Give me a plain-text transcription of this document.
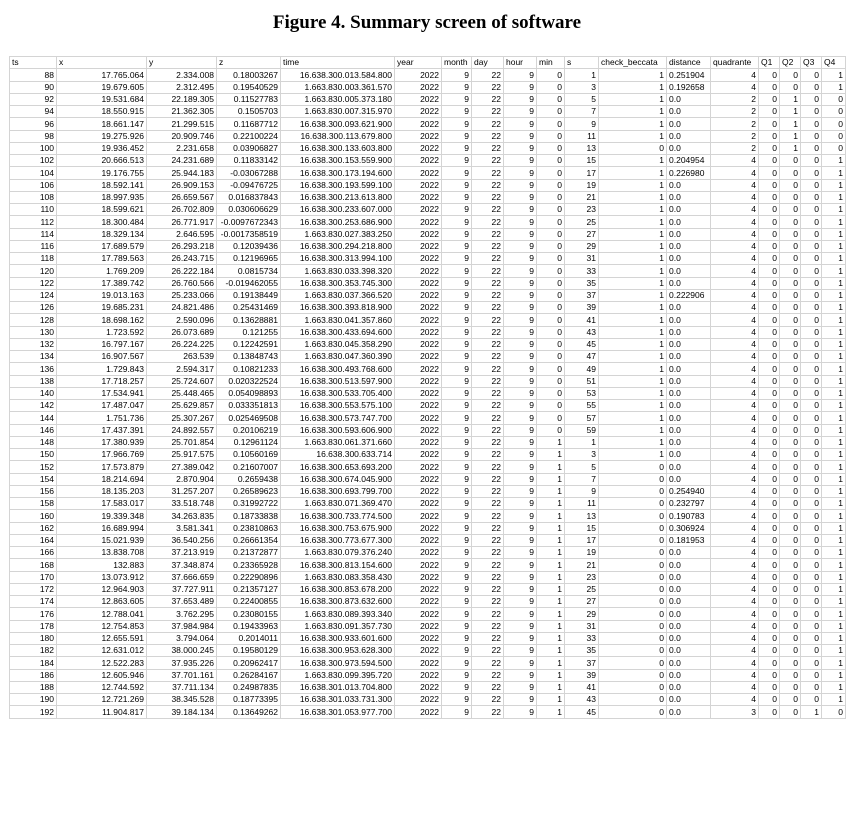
Figure 4. Summary screen of software
ts	x	y	z	time	year	month	day	hour	min	s	check_beccata	distance	quadrante	Q1	Q2	Q3	Q4
88	17.765.064	2.334.008	0.18003267	16.638.300.013.584.800	2022	9	22	9	0	1	1	0.251904	4	0	0	0	1
90	19.679.605	2.312.495	0.19540529	1.663.830.003.361.570	2022	9	22	9	0	3	1	0.192658	4	0	0	0	1
92	19.531.684	22.189.305	0.11527783	1.663.830.005.373.180	2022	9	22	9	0	5	1	0.0	2	0	1	0	0
94	18.550.915	21.362.305	0.1505703	1.663.830.007.315.970	2022	9	22	9	0	7	1	0.0	2	0	1	0	0
96	18.661.147	21.299.515	0.11687712	16.638.300.093.621.900	2022	9	22	9	0	9	1	0.0	2	0	1	0	0
98	19.275.926	20.909.746	0.22100224	16.638.300.113.679.800	2022	9	22	9	0	11	1	0.0	2	0	1	0	0
100	19.936.452	2.231.658	0.03906827	16.638.300.133.603.800	2022	9	22	9	0	13	0	0.0	2	0	1	0	0
102	20.666.513	24.231.689	0.11833142	16.638.300.153.559.900	2022	9	22	9	0	15	1	0.204954	4	0	0	0	1
104	19.176.755	25.944.183	-0.03067288	16.638.300.173.194.600	2022	9	22	9	0	17	1	0.226980	4	0	0	0	1
106	18.592.141	26.909.153	-0.09476725	16.638.300.193.599.100	2022	9	22	9	0	19	1	0.0	4	0	0	0	1
108	18.997.935	26.659.567	0.016837843	16.638.300.213.613.800	2022	9	22	9	0	21	1	0.0	4	0	0	0	1
110	18.599.621	26.702.809	0.030606629	16.638.300.233.607.000	2022	9	22	9	0	23	1	0.0	4	0	0	0	1
112	18.300.484	26.771.917	-0.0097672343	16.638.300.253.686.900	2022	9	22	9	0	25	1	0.0	4	0	0	0	1
114	18.329.134	2.646.595	-0.0017358519	1.663.830.027.383.250	2022	9	22	9	0	27	1	0.0	4	0	0	0	1
116	17.689.579	26.293.218	0.12039436	16.638.300.294.218.800	2022	9	22	9	0	29	1	0.0	4	0	0	0	1
118	17.789.563	26.243.715	0.12196965	16.638.300.313.994.100	2022	9	22	9	0	31	1	0.0	4	0	0	0	1
120	1.769.209	26.222.184	0.0815734	1.663.830.033.398.320	2022	9	22	9	0	33	1	0.0	4	0	0	0	1
122	17.389.742	26.760.566	-0.019462055	16.638.300.353.745.300	2022	9	22	9	0	35	1	0.0	4	0	0	0	1
124	19.013.163	25.233.066	0.19138449	1.663.830.037.366.520	2022	9	22	9	0	37	1	0.222906	4	0	0	0	1
126	19.685.231	24.821.486	0.25431469	16.638.300.393.818.900	2022	9	22	9	0	39	1	0.0	4	0	0	0	1
128	18.698.162	2.590.096	0.13628881	1.663.830.041.357.860	2022	9	22	9	0	41	1	0.0	4	0	0	0	1
130	1.723.592	26.073.689	0.121255	16.638.300.433.694.600	2022	9	22	9	0	43	1	0.0	4	0	0	0	1
132	16.797.167	26.224.225	0.12242591	1.663.830.045.358.290	2022	9	22	9	0	45	1	0.0	4	0	0	0	1
134	16.907.567	263.539	0.13848743	1.663.830.047.360.390	2022	9	22	9	0	47	1	0.0	4	0	0	0	1
136	1.729.843	2.594.317	0.10821233	16.638.300.493.768.600	2022	9	22	9	0	49	1	0.0	4	0	0	0	1
138	17.718.257	25.724.607	0.020322524	16.638.300.513.597.900	2022	9	22	9	0	51	1	0.0	4	0	0	0	1
140	17.534.941	25.448.465	0.054098893	16.638.300.533.705.400	2022	9	22	9	0	53	1	0.0	4	0	0	0	1
142	17.487.047	25.629.857	0.033351813	16.638.300.553.575.100	2022	9	22	9	0	55	1	0.0	4	0	0	0	1
144	1.751.736	25.307.267	0.025469508	16.638.300.573.747.700	2022	9	22	9	0	57	1	0.0	4	0	0	0	1
146	17.437.391	24.892.557	0.20106219	16.638.300.593.606.900	2022	9	22	9	0	59	1	0.0	4	0	0	0	1
148	17.380.939	25.701.854	0.12961124	1.663.830.061.371.660	2022	9	22	9	1	1	1	0.0	4	0	0	0	1
150	17.966.769	25.917.575	0.10560169	16.638.300.633.714	2022	9	22	9	1	3	1	0.0	4	0	0	0	1
152	17.573.879	27.389.042	0.21607007	16.638.300.653.693.200	2022	9	22	9	1	5	0	0.0	4	0	0	0	1
154	18.214.694	2.870.904	0.2659438	16.638.300.674.045.900	2022	9	22	9	1	7	0	0.0	4	0	0	0	1
156	18.135.203	31.257.207	0.26589623	16.638.300.693.799.700	2022	9	22	9	1	9	0	0.254940	4	0	0	0	1
158	17.583.017	33.518.748	0.31992722	1.663.830.071.369.470	2022	9	22	9	1	11	0	0.232797	4	0	0	0	1
160	19.339.348	34.263.835	0.18733838	16.638.300.733.774.500	2022	9	22	9	1	13	0	0.190783	4	0	0	0	1
162	16.689.994	3.581.341	0.23810863	16.638.300.753.675.900	2022	9	22	9	1	15	0	0.306924	4	0	0	0	1
164	15.021.939	36.540.256	0.26661354	16.638.300.773.677.300	2022	9	22	9	1	17	0	0.181953	4	0	0	0	1
166	13.838.708	37.213.919	0.21372877	1.663.830.079.376.240	2022	9	22	9	1	19	0	0.0	4	0	0	0	1
168	132.883	37.348.874	0.23365928	16.638.300.813.154.600	2022	9	22	9	1	21	0	0.0	4	0	0	0	1
170	13.073.912	37.666.659	0.22290896	1.663.830.083.358.430	2022	9	22	9	1	23	0	0.0	4	0	0	0	1
172	12.964.903	37.727.911	0.21357127	16.638.300.853.678.200	2022	9	22	9	1	25	0	0.0	4	0	0	0	1
174	12.863.605	37.653.489	0.22400855	16.638.300.873.632.600	2022	9	22	9	1	27	0	0.0	4	0	0	0	1
176	12.788.041	3.762.295	0.23080155	1.663.830.089.393.340	2022	9	22	9	1	29	0	0.0	4	0	0	0	1
178	12.754.853	37.984.984	0.19433963	1.663.830.091.357.730	2022	9	22	9	1	31	0	0.0	4	0	0	0	1
180	12.655.591	3.794.064	0.2014011	16.638.300.933.601.600	2022	9	22	9	1	33	0	0.0	4	0	0	0	1
182	12.631.012	38.000.245	0.19580129	16.638.300.953.628.300	2022	9	22	9	1	35	0	0.0	4	0	0	0	1
184	12.522.283	37.935.226	0.20962417	16.638.300.973.594.500	2022	9	22	9	1	37	0	0.0	4	0	0	0	1
186	12.605.946	37.701.161	0.26284167	1.663.830.099.395.720	2022	9	22	9	1	39	0	0.0	4	0	0	0	1
188	12.744.592	37.711.134	0.24987835	16.638.301.013.704.800	2022	9	22	9	1	41	0	0.0	4	0	0	0	1
190	12.721.269	38.345.528	0.18773395	16.638.301.033.731.300	2022	9	22	9	1	43	0	0.0	4	0	0	0	1
192	11.904.817	39.184.134	0.13649262	16.638.301.053.977.700	2022	9	22	9	1	45	0	0.0	3	0	0	1	0
